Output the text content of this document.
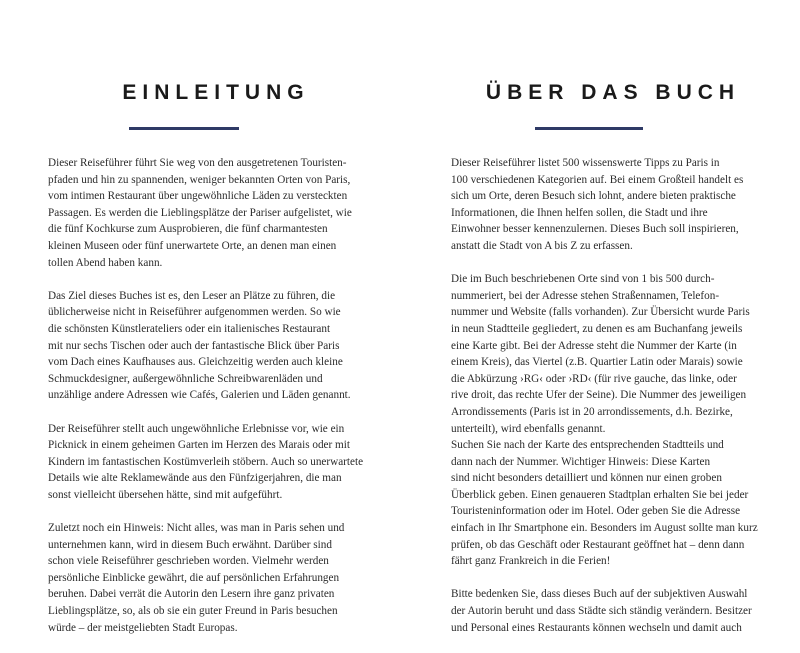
EINLEITUNG

Dieser Reiseführer führt Sie weg von den ausgetretenen Touristen-
pfaden und hin zu spannenden, weniger bekannten Orten von Paris,
vom intimen Restaurant über ungewöhnliche Läden zu versteckten
Passagen. Es werden die Lieblingsplätze der Pariser aufgelistet, wie
die fünf Kochkurse zum Ausprobieren, die fünf charmantesten
kleinen Museen oder fünf unerwartete Orte, an denen man einen
tollen Abend haben kann.

Das Ziel dieses Buches ist es, den Leser an Plätze zu führen, die
üblicherweise nicht in Reiseführer aufgenommen werden. So wie
die schönsten Künstlerateliers oder ein italienisches Restaurant
mit nur sechs Tischen oder auch der fantastische Blick über Paris
vom Dach eines Kaufhauses aus. Gleichzeitig werden auch kleine
Schmuckdesigner, außergewöhnliche Schreibwarenläden und
unzählige andere Adressen wie Cafés, Galerien und Läden genannt.

Der Reiseführer stellt auch ungewöhnliche Erlebnisse vor, wie ein
Picknick in einem geheimen Garten im Herzen des Marais oder mit
Kindern im fantastischen Kostümverleih stöbern. Auch so unerwartete
Details wie alte Reklamewände aus den Fünfzigerjahren, die man
sonst vielleicht übersehen hätte, sind mit aufgeführt.

Zuletzt noch ein Hinweis: Nicht alles, was man in Paris sehen und
unternehmen kann, wird in diesem Buch erwähnt. Darüber sind
schon viele Reiseführer geschrieben worden. Vielmehr werden
persönliche Einblicke gewährt, die auf persönlichen Erfahrungen
beruhen. Dabei verrät die Autorin den Lesern ihre ganz privaten
Lieblingsplätze, so, als ob sie ein guter Freund in Paris besuchen
würde – der meistgeliebten Stadt Europas.

ÜBER DAS BUCH

Dieser Reiseführer listet 500 wissenswerte Tipps zu Paris in
100 verschiedenen Kategorien auf. Bei einem Großteil handelt es
sich um Orte, deren Besuch sich lohnt, andere bieten praktische
Informationen, die Ihnen helfen sollen, die Stadt und ihre
Einwohner besser kennenzulernen. Dieses Buch soll inspirieren,
anstatt die Stadt von A bis Z zu erfassen.

Die im Buch beschriebenen Orte sind von 1 bis 500 durch-
nummeriert, bei der Adresse stehen Straßennamen, Telefon-
nummer und Website (falls vorhanden). Zur Übersicht wurde Paris
in neun Stadtteile gegliedert, zu denen es am Buchanfang jeweils
eine Karte gibt. Bei der Adresse steht die Nummer der Karte (in
einem Kreis), das Viertel (z.B. Quartier Latin oder Marais) sowie
die Abkürzung ›RG‹ oder ›RD‹ (für rive gauche, das linke, oder
rive droit, das rechte Ufer der Seine). Die Nummer des jeweiligen
Arrondissements (Paris ist in 20 arrondissements, d.h. Bezirke,
unterteilt), wird ebenfalls genannt.

Suchen Sie nach der Karte des entsprechenden Stadtteils und
dann nach der Nummer. Wichtiger Hinweis: Diese Karten
sind nicht besonders detailliert und können nur einen groben
Überblick geben. Einen genaueren Stadtplan erhalten Sie bei jeder
Touristeninformation oder im Hotel. Oder geben Sie die Adresse
einfach in Ihr Smartphone ein. Besonders im August sollte man kurz
prüfen, ob das Geschäft oder Restaurant geöffnet hat – denn dann
fährt ganz Frankreich in die Ferien!

Bitte bedenken Sie, dass dieses Buch auf der subjektiven Auswahl
der Autorin beruht und dass Städte sich ständig verändern. Besitzer
und Personal eines Restaurants können wechseln und damit auch
